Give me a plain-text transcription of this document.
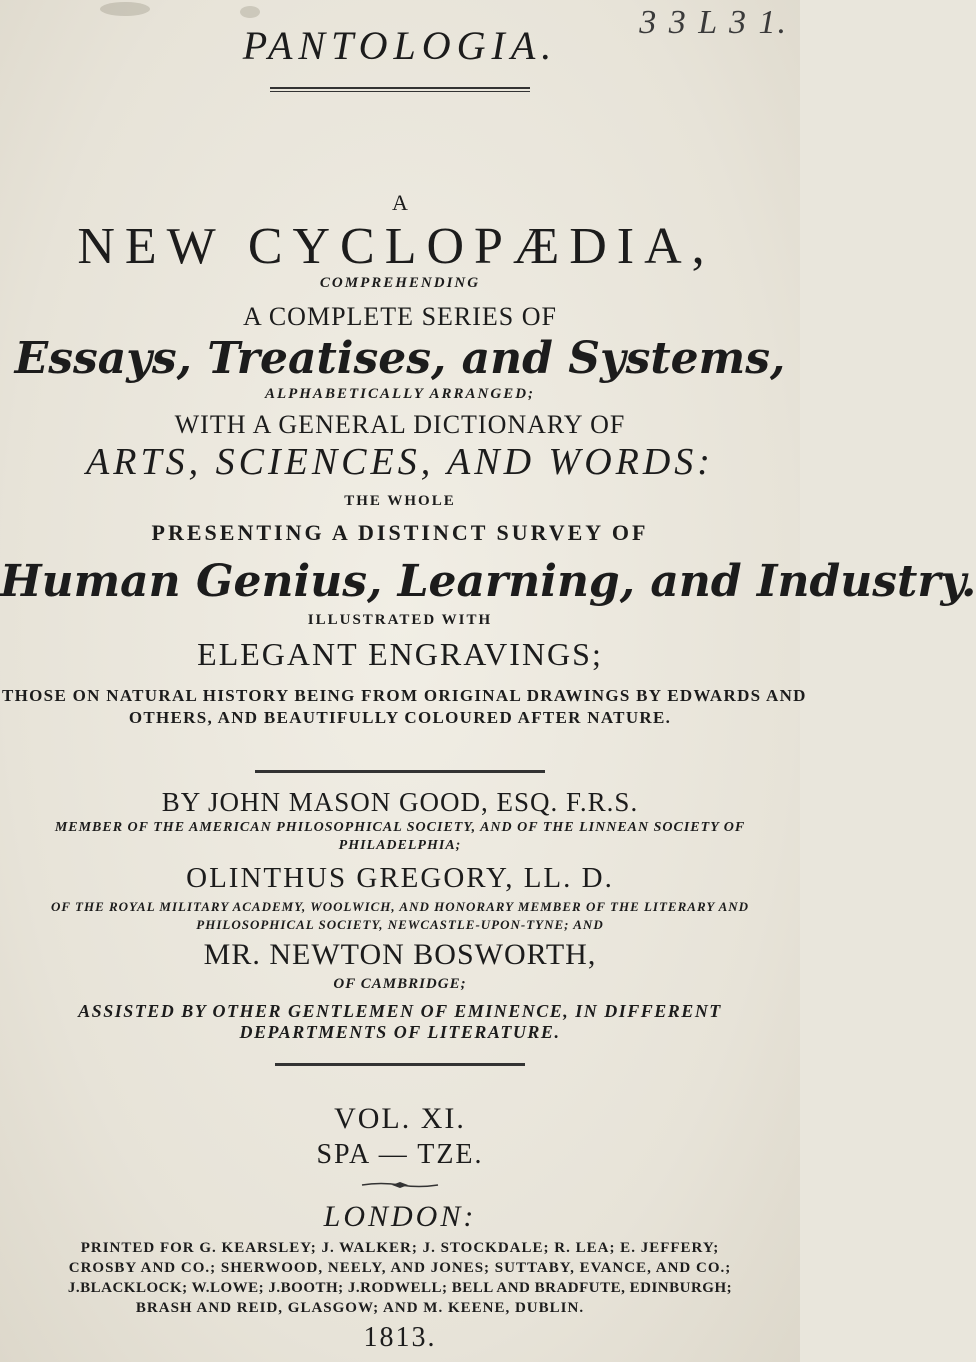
3 3 L 3 1.
PANTOLOGIA.
A
NEW CYCLOPÆDIA,
COMPREHENDING
A COMPLETE SERIES OF
Essays, Treatises, and Systems,
ALPHABETICALLY ARRANGED;
WITH A GENERAL DICTIONARY OF
ARTS, SCIENCES, AND WORDS:
THE WHOLE
PRESENTING A DISTINCT SURVEY OF
Human Genius, Learning, and Industry.
ILLUSTRATED WITH
ELEGANT ENGRAVINGS;
THOSE ON NATURAL HISTORY BEING FROM ORIGINAL DRAWINGS BY EDWARDS AND
OTHERS, AND BEAUTIFULLY COLOURED AFTER NATURE.
BY JOHN MASON GOOD, ESQ. F.R.S.
MEMBER OF THE AMERICAN PHILOSOPHICAL SOCIETY, AND OF THE LINNEAN SOCIETY OF
PHILADELPHIA;
OLINTHUS GREGORY, LL. D.
OF THE ROYAL MILITARY ACADEMY, WOOLWICH, AND HONORARY MEMBER OF THE LITERARY AND
PHILOSOPHICAL SOCIETY, NEWCASTLE-UPON-TYNE; AND
MR. NEWTON BOSWORTH,
OF CAMBRIDGE;
ASSISTED BY OTHER GENTLEMEN OF EMINENCE, IN DIFFERENT
DEPARTMENTS OF LITERATURE.
VOL. XI.
SPA — TZE.
LONDON:
PRINTED FOR G. KEARSLEY; J. WALKER; J. STOCKDALE; R. LEA; E. JEFFERY;
CROSBY AND CO.; SHERWOOD, NEELY, AND JONES; SUTTABY, EVANCE, AND CO.;
J.BLACKLOCK; W.LOWE; J.BOOTH; J.RODWELL; BELL AND BRADFUTE, EDINBURGH;
BRASH AND REID, GLASGOW; AND M. KEENE, DUBLIN.
1813.
